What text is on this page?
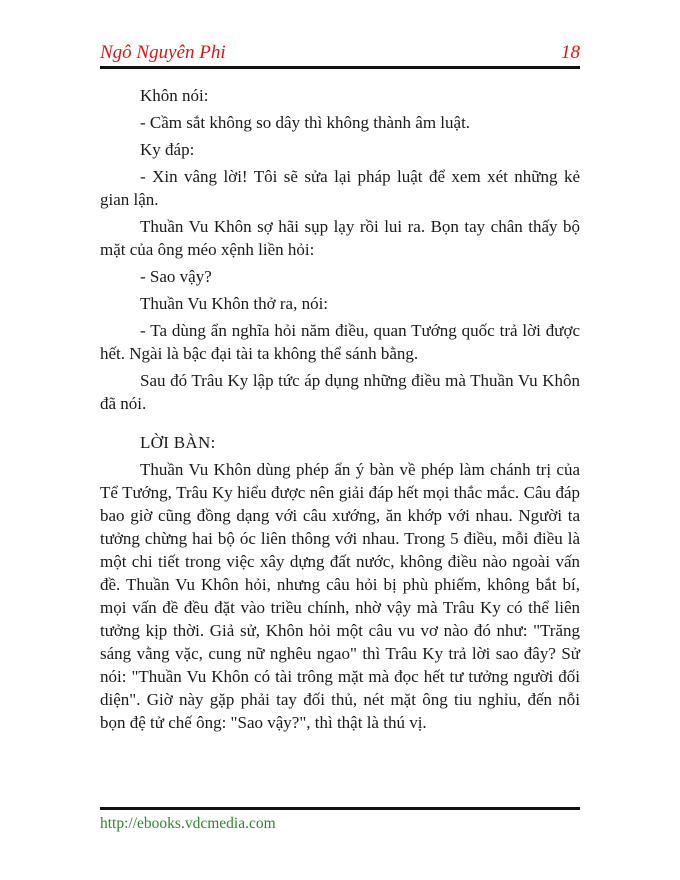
Ngô Nguyên Phi	18

Khôn nói:

- Cầm sắt không so dây thì không thành âm luật.

Ky đáp:

- Xin vâng lời! Tôi sẽ sửa lại pháp luật để xem xét những kẻ gian lận.

Thuần Vu Khôn sợ hãi sụp lạy rồi lui ra. Bọn tay chân thấy bộ mặt của ông méo xệnh liền hỏi:

- Sao vậy?

Thuần Vu Khôn thở ra, nói:

- Ta dùng ẩn nghĩa hỏi năm điều, quan Tướng quốc trả lời được hết. Ngài là bậc đại tài ta không thể sánh bằng.

Sau đó Trâu Ky lập tức áp dụng những điều mà Thuần Vu Khôn đã nói.

LỜI BÀN:

Thuần Vu Khôn dùng phép ẩn ý bàn về phép làm chánh trị của Tể Tướng, Trâu Ky hiểu được nên giải đáp hết mọi thắc mắc. Câu đáp bao giờ cũng đồng dạng với câu xướng, ăn khớp với nhau. Người ta tưởng chừng hai bộ óc liên thông với nhau. Trong 5 điều, mỗi điều là một chi tiết trong việc xây dựng đất nước, không điều nào ngoài vấn đề. Thuần Vu Khôn hỏi, nhưng câu hỏi bị phù phiếm, không bắt bí, mọi vấn đề đều đặt vào triều chính, nhờ vậy mà Trâu Ky có thể liên tưởng kịp thời. Giả sử, Khôn hỏi một câu vu vơ nào đó như: "Trăng sáng vằng vặc, cung nữ nghêu ngao" thì Trâu Ky trả lời sao đây? Sử nói: "Thuần Vu Khôn có tài trông mặt mà đọc hết tư tưởng người đối diện". Giờ này gặp phải tay đối thủ, nét mặt ông tiu nghỉu, đến nỗi bọn đệ tử chế ông: "Sao vậy?", thì thật là thú vị.

http://ebooks.vdcmedia.com
